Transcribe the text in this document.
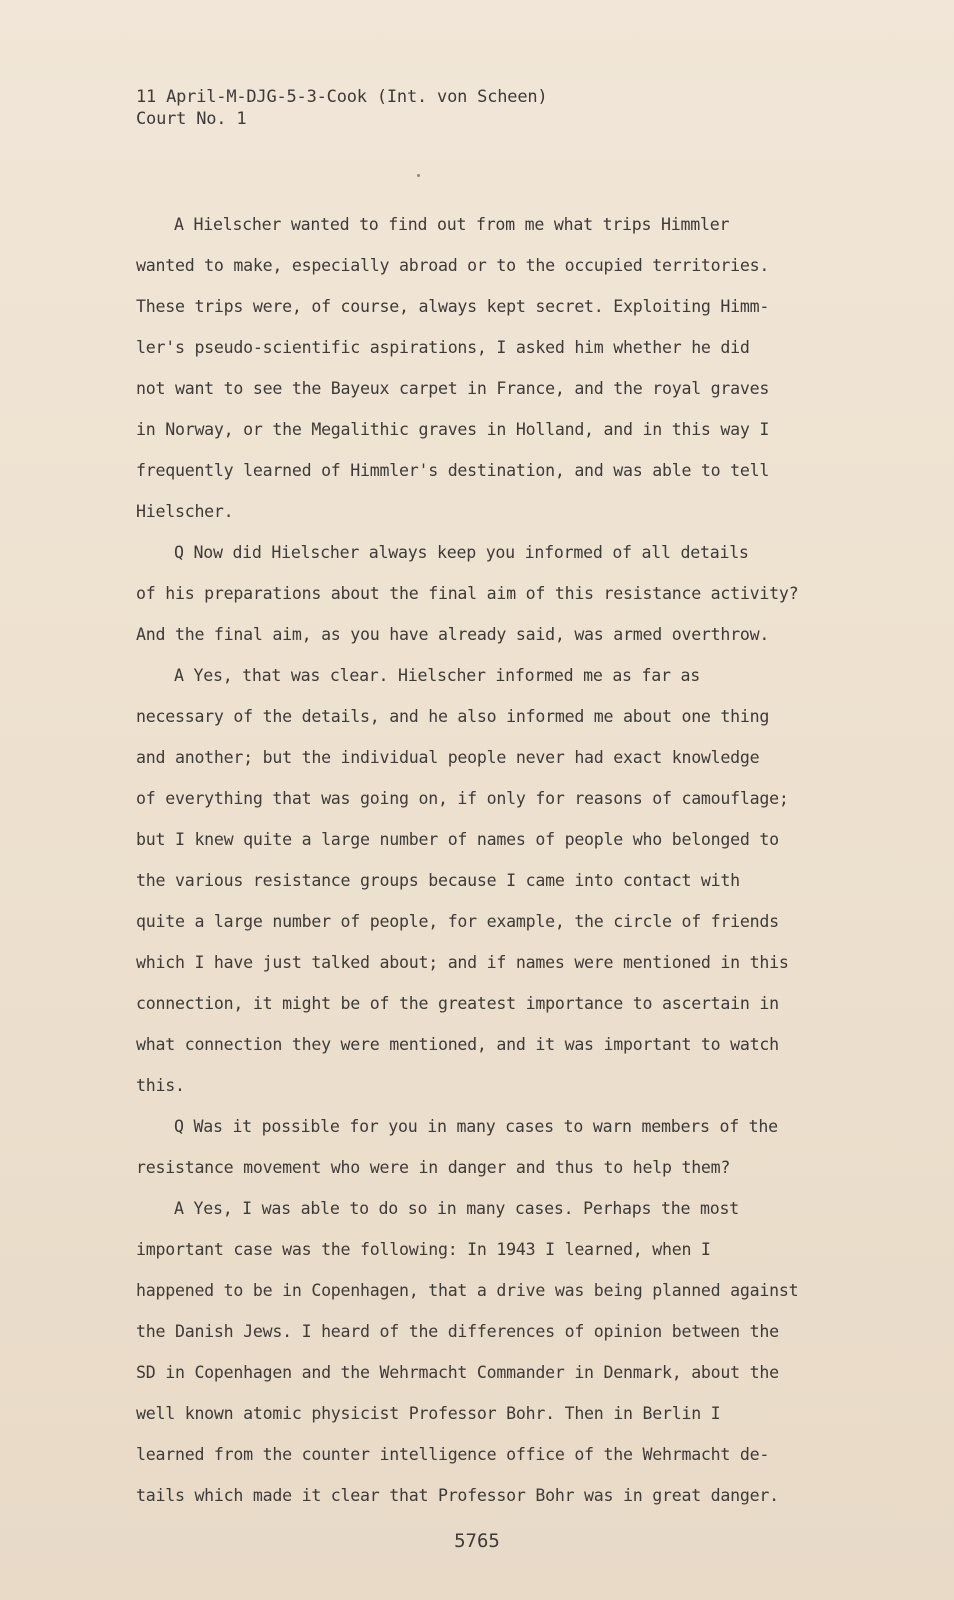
11 April-M-DJG-5-3-Cook (Int. von Scheen)
Court No. 1
A Hielscher wanted to find out from me what trips Himmler
wanted to make, especially abroad or to the occupied territories.
These trips were, of course, always kept secret. Exploiting Himm-
ler's pseudo-scientific aspirations, I asked him whether he did
not want to see the Bayeux carpet in France, and the royal graves
in Norway, or the Megalithic graves in Holland, and in this way I
frequently learned of Himmler's destination, and was able to tell
Hielscher.
Q Now did Hielscher always keep you informed of all details
of his preparations about the final aim of this resistance activity?
And the final aim, as you have already said, was armed overthrow.
A Yes, that was clear. Hielscher informed me as far as
necessary of the details, and he also informed me about one thing
and another; but the individual people never had exact knowledge
of everything that was going on, if only for reasons of camouflage;
but I knew quite a large number of names of people who belonged to
the various resistance groups because I came into contact with
quite a large number of people, for example, the circle of friends
which I have just talked about; and if names were mentioned in this
connection, it might be of the greatest importance to ascertain in
what connection they were mentioned, and it was important to watch
this.
Q Was it possible for you in many cases to warn members of the
resistance movement who were in danger and thus to help them?
A Yes, I was able to do so in many cases. Perhaps the most
important case was the following: In 1943 I learned, when I
happened to be in Copenhagen, that a drive was being planned against
the Danish Jews. I heard of the differences of opinion between the
SD in Copenhagen and the Wehrmacht Commander in Denmark, about the
well known atomic physicist Professor Bohr. Then in Berlin I
learned from the counter intelligence office of the Wehrmacht de-
tails which made it clear that Professor Bohr was in great danger.
5765
